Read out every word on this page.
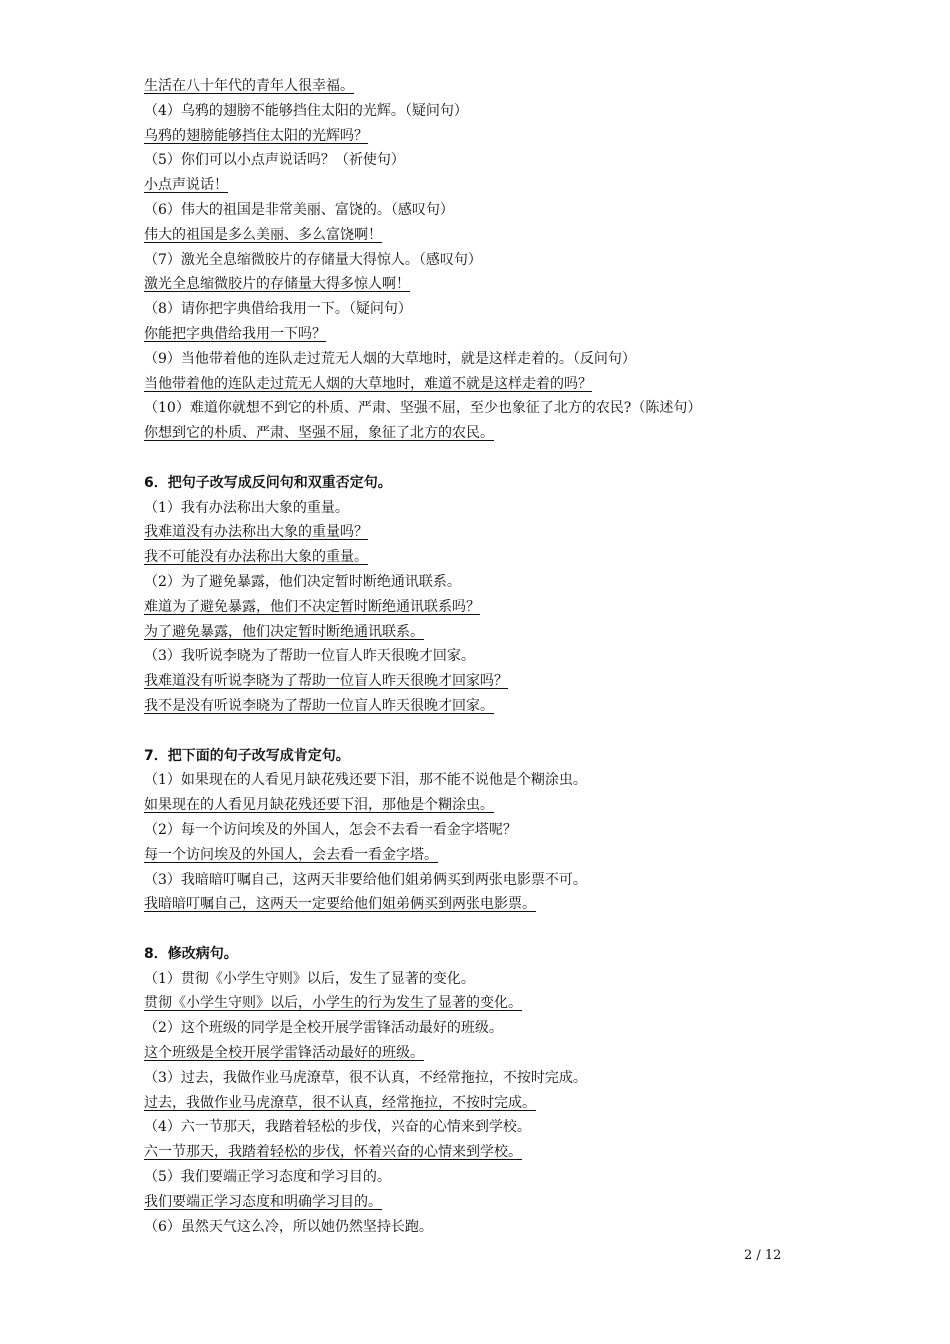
生活在八十年代的青年人很幸福。
（4）乌鸦的翅膀不能够挡住太阳的光辉。（疑问句）
乌鸦的翅膀能够挡住太阳的光辉吗？
（5）你们可以小点声说话吗？（祈使句）
小点声说话！
（6）伟大的祖国是非常美丽、富饶的。（感叹句）
伟大的祖国是多么美丽、多么富饶啊！
（7）激光全息缩微胶片的存储量大得惊人。（感叹句）
激光全息缩微胶片的存储量大得多惊人啊！
（8）请你把字典借给我用一下。（疑问句）
你能把字典借给我用一下吗？
（9）当他带着他的连队走过荒无人烟的大草地时，就是这样走着的。（反问句）
当他带着他的连队走过荒无人烟的大草地时，难道不就是这样走着的吗？
（10）难道你就想不到它的朴质、严肃、坚强不屈，至少也象征了北方的农民?（陈述句）
你想到它的朴质、严肃、坚强不屈，象征了北方的农民。
6．把句子改写成反问句和双重否定句。
（1）我有办法称出大象的重量。
我难道没有办法称出大象的重量吗？
我不可能没有办法称出大象的重量。
（2）为了避免暴露，他们决定暂时断绝通讯联系。
难道为了避免暴露，他们不决定暂时断绝通讯联系吗？
为了避免暴露，他们决定暂时断绝通讯联系。
（3）我听说李晓为了帮助一位盲人昨天很晚才回家。
我难道没有听说李晓为了帮助一位盲人昨天很晚才回家吗？
我不是没有听说李晓为了帮助一位盲人昨天很晚才回家。
7．把下面的句子改写成肯定句。
（1）如果现在的人看见月缺花残还要下泪，那不能不说他是个糊涂虫。
如果现在的人看见月缺花残还要下泪，那他是个糊涂虫。
（2）每一个访问埃及的外国人，怎会不去看一看金字塔呢？
每一个访问埃及的外国人，会去看一看金字塔。
（3）我暗暗叮嘱自己，这两天非要给他们姐弟俩买到两张电影票不可。
我暗暗叮嘱自己，这两天一定要给他们姐弟俩买到两张电影票。
8．修改病句。
（1）贯彻《小学生守则》以后，发生了显著的变化。
贯彻《小学生守则》以后，小学生的行为发生了显著的变化。
（2）这个班级的同学是全校开展学雷锋活动最好的班级。
这个班级是全校开展学雷锋活动最好的班级。
（3）过去，我做作业马虎潦草，很不认真，不经常拖拉，不按时完成。
过去，我做作业马虎潦草，很不认真，经常拖拉，不按时完成。
（4）六一节那天，我踏着轻松的步伐，兴奋的心情来到学校。
六一节那天，我踏着轻松的步伐，怀着兴奋的心情来到学校。
（5）我们要端正学习态度和学习目的。
我们要端正学习态度和明确学习目的。
（6）虽然天气这么冷，所以她仍然坚持长跑。
2 / 12
